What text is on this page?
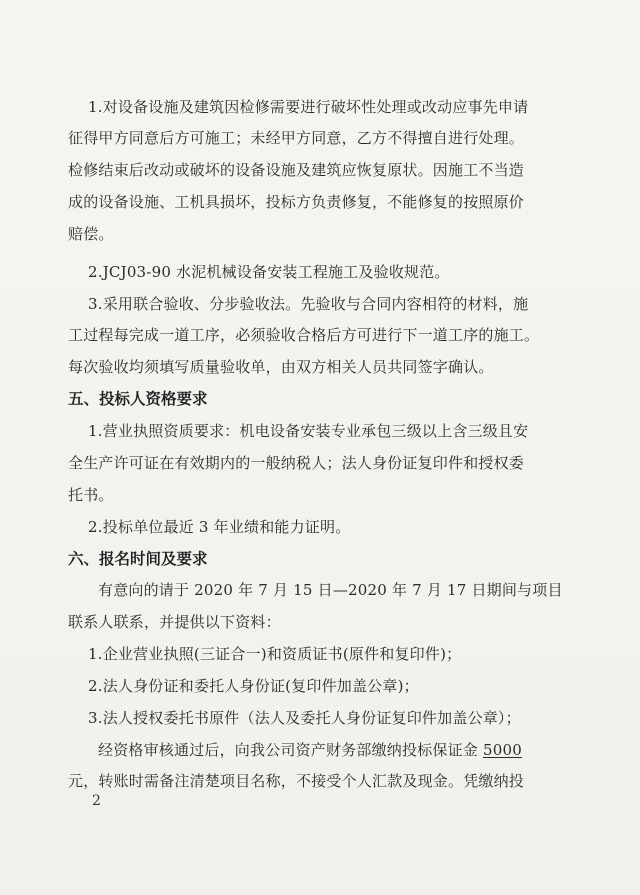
1.对设备设施及建筑因检修需要进行破坏性处理或改动应事先申请
征得甲方同意后方可施工；未经甲方同意，乙方不得擅自进行处理。
检修结束后改动或破坏的设备设施及建筑应恢复原状。因施工不当造
成的设备设施、工机具损坏，投标方负责修复，不能修复的按照原价
赔偿。
2.JCJ03-90 水泥机械设备安装工程施工及验收规范。
3.采用联合验收、分步验收法。先验收与合同内容相符的材料，施
工过程每完成一道工序，必须验收合格后方可进行下一道工序的施工。
每次验收均须填写质量验收单，由双方相关人员共同签字确认。
五、投标人资格要求
1.营业执照资质要求：机电设备安装专业承包三级以上含三级且安
全生产许可证在有效期内的一般纳税人；法人身份证复印件和授权委
托书。
2.投标单位最近 3 年业绩和能力证明。
六、报名时间及要求
有意向的请于 2020 年 7 月 15 日—2020 年 7 月 17 日期间与项目
联系人联系，并提供以下资料：
1.企业营业执照(三证合一)和资质证书(原件和复印件)；
2.法人身份证和委托人身份证(复印件加盖公章)；
3.法人授权委托书原件（法人及委托人身份证复印件加盖公章）；
经资格审核通过后，向我公司资产财务部缴纳投标保证金 5000
元，转账时需备注清楚项目名称，不接受个人汇款及现金。凭缴纳投
2
